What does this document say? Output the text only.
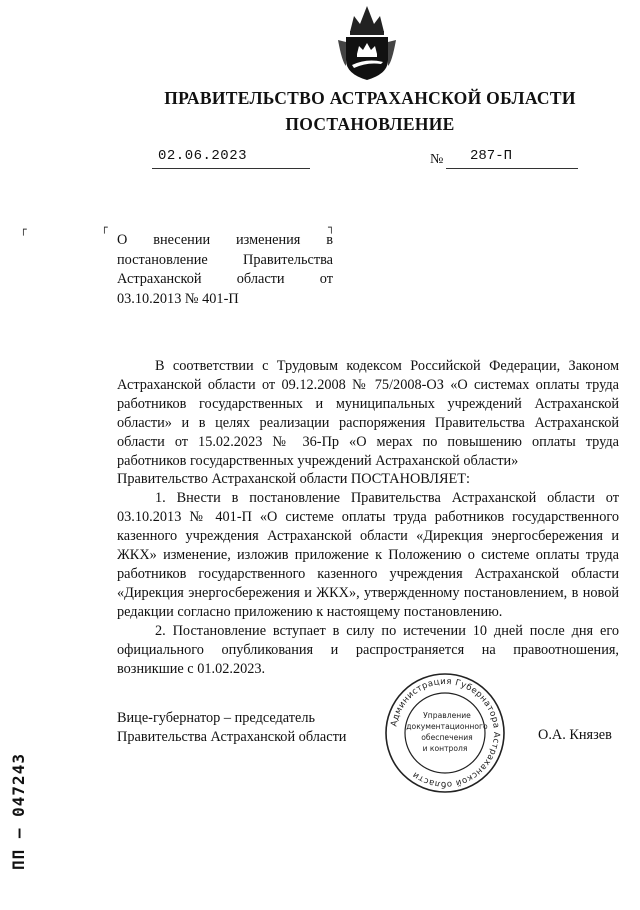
ПРАВИТЕЛЬСТВО АСТРАХАНСКОЙ ОБЛАСТИ
ПОСТАНОВЛЕНИЕ
02.06.2023	№ 287-П
┌	┌	┐
О внесении изменения в постановление Правительства Астраханской области от 03.10.2013 № 401-П

В соответствии с Трудовым кодексом Российской Федерации, Законом Астраханской области от 09.12.2008 № 75/2008-ОЗ «О системах оплаты труда работников государственных и муниципальных учреждений Астраханской области» и в целях реализации распоряжения Правительства Астраханской области от 15.02.2023 № 36-Пр «О мерах по повышению оплаты труда работников государственных учреждений Астраханской области»

Правительство Астраханской области ПОСТАНОВЛЯЕТ:

1. Внести в постановление Правительства Астраханской области от 03.10.2013 № 401-П «О системе оплаты труда работников государственного казенного учреждения Астраханской области «Дирекция энергосбережения и ЖКХ» изменение, изложив приложение к Положению о системе оплаты труда работников государственного казенного учреждения Астраханской области «Дирекция энергосбережения и ЖКХ», утвержденному постановлением, в новой редакции согласно приложению к настоящему постановлению.

2. Постановление вступает в силу по истечении 10 дней после дня его официального опубликования и распространяется на правоотношения, возникшие с 01.02.2023.

Вице-губернатор – председатель
Правительства Астраханской области
Администрация Губернатора Астраханской области
Управление
документационного
обеспечения
и контроля
О.А. Князев
ПП – 047243
